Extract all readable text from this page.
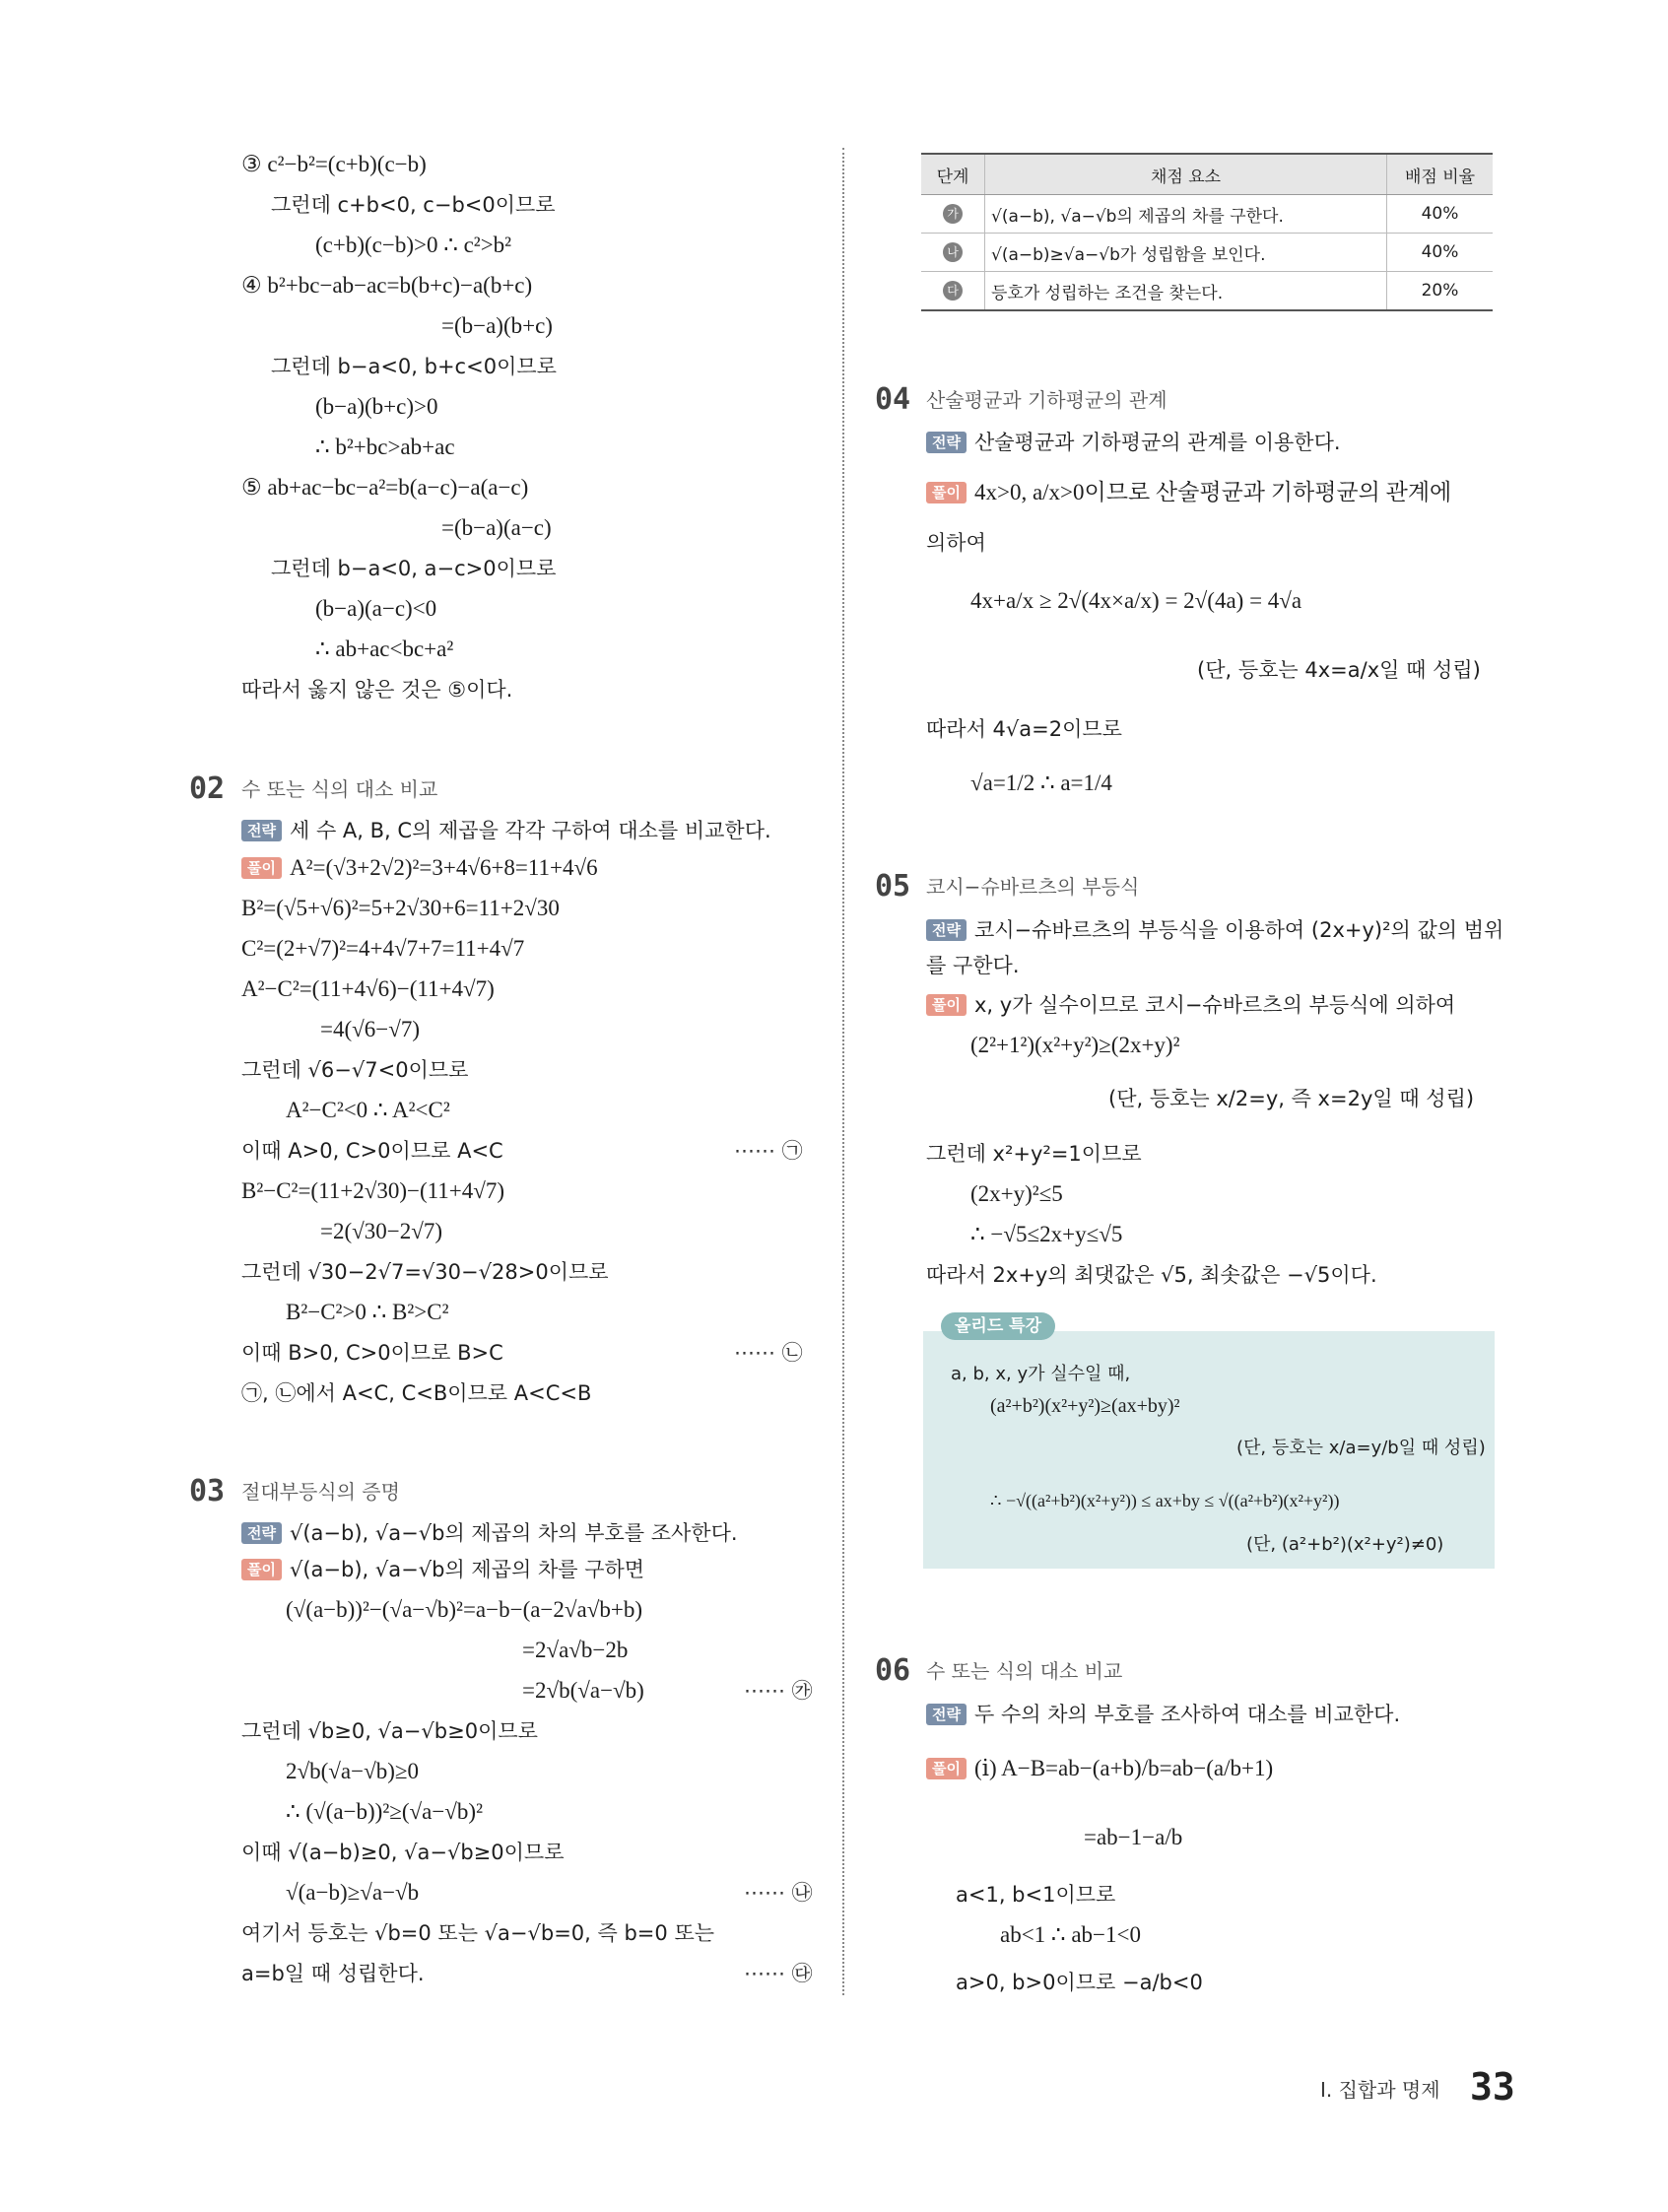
③ c²−b²=(c+b)(c−b)
그런데 c+b<0, c−b<0이므로
(c+b)(c−b)>0 ∴ c²>b²
④ b²+bc−ab−ac=b(b+c)−a(b+c)
=(b−a)(b+c)
그런데 b−a<0, b+c<0이므로
(b−a)(b+c)>0
∴ b²+bc>ab+ac
⑤ ab+ac−bc−a²=b(a−c)−a(a−c)
=(b−a)(a−c)
그런데 b−a<0, a−c>0이므로
(b−a)(a−c)<0
∴ ab+ac<bc+a²
따라서 옳지 않은 것은 ⑤이다.
02 수 또는 식의 대소 비교
전략 세 수 A, B, C의 제곱을 각각 구하여 대소를 비교한다.
풀이 A²=(√3+2√2)²=3+4√6+8=11+4√6
B²=(√5+√6)²=5+2√30+6=11+2√30
C²=(2+√7)²=4+4√7+7=11+4√7
A²−C²=(11+4√6)−(11+4√7)
=4(√6−√7)
그런데 √6−√7<0이므로
A²−C²<0 ∴ A²<C²
이때 A>0, C>0이므로 A<C	⋯⋯ ㉠
B²−C²=(11+2√30)−(11+4√7)
=2(√30−2√7)
그런데 √30−2√7=√30−√28>0이므로
B²−C²>0 ∴ B²>C²
이때 B>0, C>0이므로 B>C	⋯⋯ ㉡
㉠, ㉡에서 A<C, C<B이므로 A<C<B
03 절대부등식의 증명
전략 √(a−b), √a−√b의 제곱의 차의 부호를 조사한다.
풀이 √(a−b), √a−√b의 제곱의 차를 구하면
(√(a−b))²−(√a−√b)²=a−b−(a−2√a√b+b)
=2√a√b−2b
=2√b(√a−√b)	⋯⋯ ㉮
그런데 √b≥0, √a−√b≥0이므로
2√b(√a−√b)≥0
∴ (√(a−b))²≥(√a−√b)²
이때 √(a−b)≥0, √a−√b≥0이므로
√(a−b)≥√a−√b	⋯⋯ ㉯
여기서 등호는 √b=0 또는 √a−√b=0, 즉 b=0 또는
a=b일 때 성립한다.	⋯⋯ ㉰
단계	채점 요소	배점 비율
가	√(a−b), √a−√b의 제곱의 차를 구한다.	40%
나	√(a−b)≥√a−√b가 성립함을 보인다.	40%
다	등호가 성립하는 조건을 찾는다.	20%
04 산술평균과 기하평균의 관계
전략 산술평균과 기하평균의 관계를 이용한다.
풀이 4x>0, a/x>0이므로 산술평균과 기하평균의 관계에
의하여
4x+a/x ≥ 2√(4x×a/x) = 2√(4a) = 4√a
(단, 등호는 4x=a/x일 때 성립)
따라서 4√a=2이므로
√a=1/2 ∴ a=1/4
05 코시−슈바르츠의 부등식
전략 코시−슈바르츠의 부등식을 이용하여 (2x+y)²의 값의 범위
를 구한다.
풀이 x, y가 실수이므로 코시−슈바르츠의 부등식에 의하여
(2²+1²)(x²+y²)≥(2x+y)²
(단, 등호는 x/2=y, 즉 x=2y일 때 성립)
그런데 x²+y²=1이므로
(2x+y)²≤5
∴ −√5≤2x+y≤√5
따라서 2x+y의 최댓값은 √5, 최솟값은 −√5이다.
올리드 특강
a, b, x, y가 실수일 때,
(a²+b²)(x²+y²)≥(ax+by)²
(단, 등호는 x/a=y/b일 때 성립)
∴ −√((a²+b²)(x²+y²)) ≤ ax+by ≤ √((a²+b²)(x²+y²))
(단, (a²+b²)(x²+y²)≠0)
06 수 또는 식의 대소 비교
전략 두 수의 차의 부호를 조사하여 대소를 비교한다.
풀이 (ⅰ) A−B=ab−(a+b)/b=ab−(a/b+1)
=ab−1−a/b
a<1, b<1이므로
ab<1 ∴ ab−1<0
a>0, b>0이므로 −a/b<0
Ⅰ. 집합과 명제 33
